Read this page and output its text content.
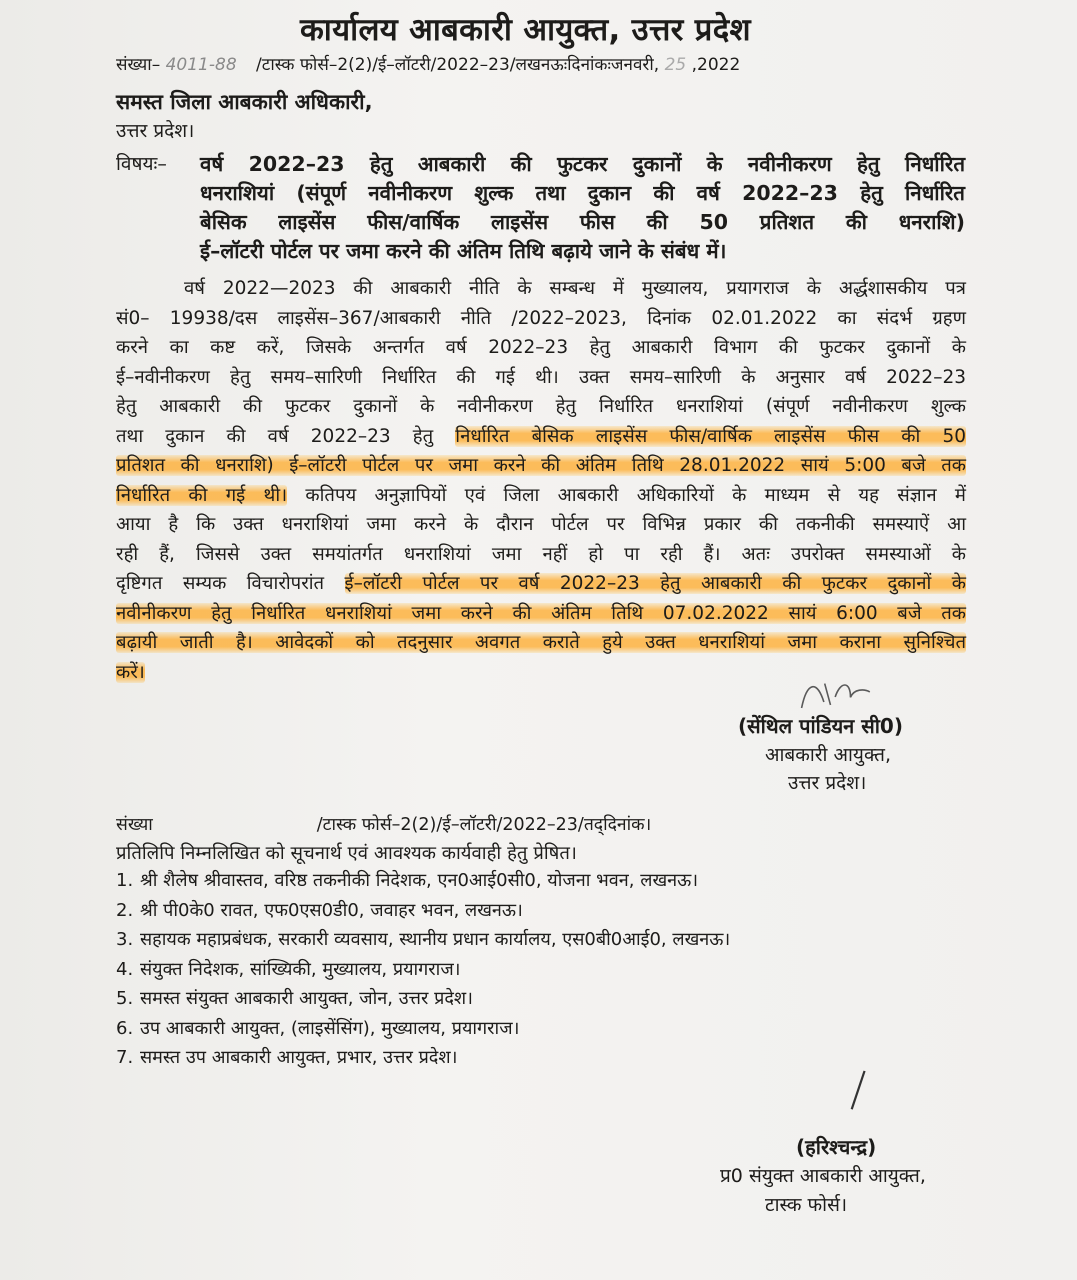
कार्यालय आबकारी आयुक्त, उत्तर प्रदेश
संख्या– 4011-88 /टास्क फोर्स–2(2)/ई–लॉटरी/2022–23/लखनऊःदिनांकःजनवरी, 25 ,2022
समस्त जिला आबकारी अधिकारी,
उत्तर प्रदेश।
विषयः– वर्ष 2022–23 हेतु आबकारी की फुटकर दुकानों के नवीनीकरण हेतु निर्धारित
धनराशियां (संपूर्ण नवीनीकरण शुल्क तथा दुकान की वर्ष 2022–23 हेतु निर्धारित
बेसिक लाइसेंस फीस/वार्षिक लाइसेंस फीस की 50 प्रतिशत की धनराशि)
ई–लॉटरी पोर्टल पर जमा करने की अंतिम तिथि बढ़ाये जाने के संबंध में।
वर्ष 2022—2023 की आबकारी नीति के सम्बन्ध में मुख्यालय, प्रयागराज के अर्द्धशासकीय पत्र
सं0– 19938/दस लाइसेंस–367/आबकारी नीति /2022–2023, दिनांक 02.01.2022 का संदर्भ ग्रहण
करने का कष्ट करें, जिसके अन्तर्गत वर्ष 2022–23 हेतु आबकारी विभाग की फुटकर दुकानों के
ई–नवीनीकरण हेतु समय–सारिणी निर्धारित की गई थी। उक्त समय–सारिणी के अनुसार वर्ष 2022–23
हेतु आबकारी की फुटकर दुकानों के नवीनीकरण हेतु निर्धारित धनराशियां (संपूर्ण नवीनीकरण शुल्क
तथा दुकान की वर्ष 2022–23 हेतु निर्धारित बेसिक लाइसेंस फीस/वार्षिक लाइसेंस फीस की 50
प्रतिशत की धनराशि) ई–लॉटरी पोर्टल पर जमा करने की अंतिम तिथि 28.01.2022 सायं 5:00 बजे तक
निर्धारित की गई थी। कतिपय अनुज्ञापियों एवं जिला आबकारी अधिकारियों के माध्यम से यह संज्ञान में
आया है कि उक्त धनराशियां जमा करने के दौरान पोर्टल पर विभिन्न प्रकार की तकनीकी समस्याऐं आ
रही हैं, जिससे उक्त समयांतर्गत धनराशियां जमा नहीं हो पा रही हैं। अतः उपरोक्त समस्याओं के
दृष्टिगत सम्यक विचारोपरांत ई–लॉटरी पोर्टल पर वर्ष 2022–23 हेतु आबकारी की फुटकर दुकानों के
नवीनीकरण हेतु निर्धारित धनराशियां जमा करने की अंतिम तिथि 07.02.2022 सायं 6:00 बजे तक
बढ़ायी जाती है। आवेदकों को तदनुसार अवगत कराते हुये उक्त धनराशियां जमा कराना सुनिश्चित
करें।
(सेंथिल पांडियन सी0)
आबकारी आयुक्त,
उत्तर प्रदेश।
संख्या	/टास्क फोर्स–2(2)/ई–लॉटरी/2022–23/तद्‌दिनांक।
प्रतिलिपि निम्नलिखित को सूचनार्थ एवं आवश्यक कार्यवाही हेतु प्रेषित।
1. श्री शैलेष श्रीवास्तव, वरिष्ठ तकनीकी निदेशक, एन0आई0सी0, योजना भवन, लखनऊ।
2. श्री पी0के0 रावत, एफ0एस0डी0, जवाहर भवन, लखनऊ।
3. सहायक महाप्रबंधक, सरकारी व्यवसाय, स्थानीय प्रधान कार्यालय, एस0बी0आई0, लखनऊ।
4. संयुक्त निदेशक, सांख्यिकी, मुख्यालय, प्रयागराज।
5. समस्त संयुक्त आबकारी आयुक्त, जोन, उत्तर प्रदेश।
6. उप आबकारी आयुक्त, (लाइसेंसिंग), मुख्यालय, प्रयागराज।
7. समस्त उप आबकारी आयुक्त, प्रभार, उत्तर प्रदेश।
(हरिश्चन्द्र)
प्र0 संयुक्त आबकारी आयुक्त,
टास्क फोर्स।
